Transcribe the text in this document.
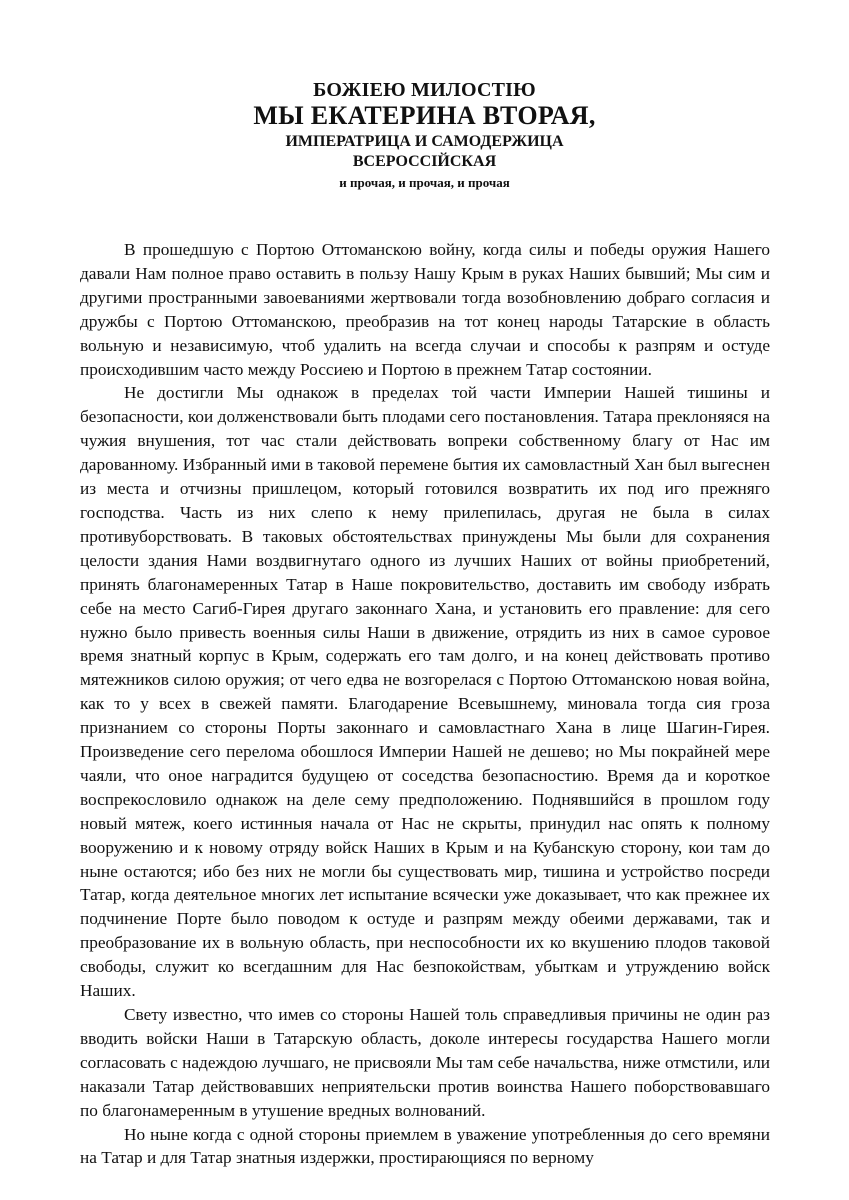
БОЖІЕЮ МИЛОСТІЮ
МЫ ЕКАТЕРИНА ВТОРАЯ,
ИМПЕРАТРИЦА И САМОДЕРЖИЦА
ВСЕРОССІЙСКАЯ
и прочая, и прочая, и прочая

В прошедшую с Портою Оттоманскою войну, когда силы и победы оружия Нашего давали Нам полное право оставить в пользу Нашу Крым в руках Наших бывший; Мы сим и другими пространными завоеваниями жертвовали тогда возобновлению добраго согласия и дружбы с Портою Оттоманскою, преобразив на тот конец народы Татарские в область вольную и независимую, чтоб удалить на всегда случаи и способы к разпрям и остуде происходившим часто между Россиею и Портою в прежнем Татар состоянии.

Не достигли Мы однакож в пределах той части Империи Нашей тишины и безопасности, кои долженствовали быть плодами сего постановления. Татара преклоняяся на чужия внушения, тот час стали действовать вопреки собственному благу от Нас им дарованному. Избранный ими в таковой перемене бытия их самовластный Хан был выгеснен из места и отчизны пришлецом, который готовился возвратить их под иго прежняго господства. Часть из них слепо к нему прилепилась, другая не была в силах противуборствовать. В таковых обстоятельствах принуждены Мы были для сохранения целости здания Нами воздвигнутаго одного из лучших Наших от войны приобретений, принять благонамеренных Татар в Наше покровительство, доставить им свободу избрать себе на место Сагиб-Гирея другаго законнаго Хана, и установить его правление: для сего нужно было привесть военныя силы Наши в движение, отрядить из них в самое суровое время знатный корпус в Крым, содержать его там долго, и на конец действовать противо мятежников силою оружия; от чего едва не возгорелася с Портою Оттоманскою новая война, как то у всех в свежей памяти. Благодарение Всевышнему, миновала тогда сия гроза признанием со стороны Порты законнаго и самовластнаго Хана в лице Шагин-Гирея. Произведение сего перелома обошлося Империи Нашей не дешево; но Мы покрайней мере чаяли, что оное наградится будущею от соседства безопасностию. Время да и короткое воспрекословило однакож на деле сему предположению. Поднявшийся в прошлом году новый мятеж, коего истинныя начала от Нас не скрыты, принудил нас опять к полному вооружению и к новому отряду войск Наших в Крым и на Кубанскую сторону, кои там до ныне остаются; ибо без них не могли бы существовать мир, тишина и устройство посреди Татар, когда деятельное многих лет испытание всячески уже доказывает, что как прежнее их подчинение Порте было поводом к остуде и разпрям между обеими державами, так и преобразование их в вольную область, при неспособности их ко вкушению плодов таковой свободы, служит ко всегдашним для Нас безпокойствам, убыткам и утруждению войск Наших.

Свету известно, что имев со стороны Нашей толь справедливыя причины не один раз вводить войски Наши в Татарскую область, доколе интересы государства Нашего могли согласовать с надеждою лучшаго, не присвояли Мы там себе начальства, ниже отмстили, или наказали Татар действовавших неприятельски против воинства Нашего поборствовавшаго по благонамеренным в утушение вредных волнований.

Но ныне когда с одной стороны приемлем в уважение употребленныя до сего времяни на Татар и для Татар знатныя издержки, простирающияся по верному
